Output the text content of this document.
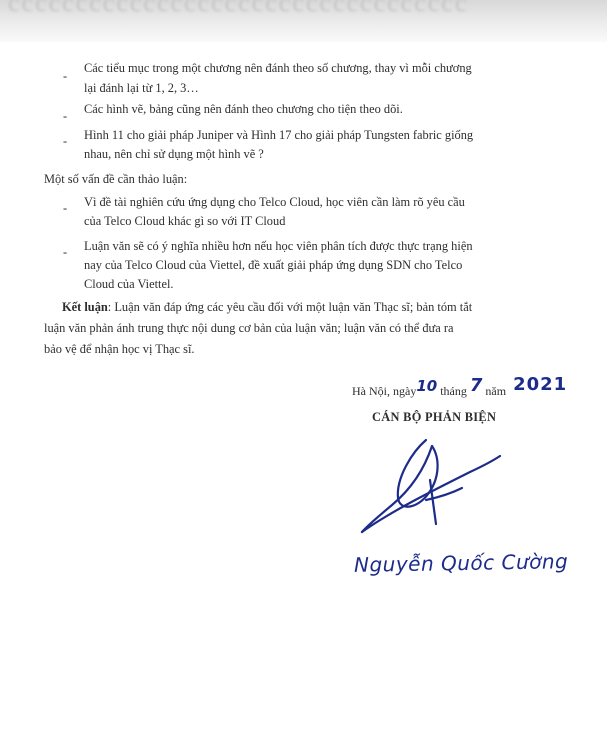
cccccccccccccccccccccccccccccccccc
-
Các tiểu mục trong một chương nên đánh theo số chương, thay vì mỗi chương
lại đánh lại từ 1, 2, 3…
- Các hình vẽ, bảng cũng nên đánh theo chương cho tiện theo dõi.
- Hình 11 cho giải pháp Juniper và Hình 17 cho giải pháp Tungsten fabric giống
nhau, nên chỉ sử dụng một hình vẽ ?
Một số vấn đề cần thảo luận:
- Vì đề tài nghiên cứu ứng dụng cho Telco Cloud, học viên cần làm rõ yêu cầu
của Telco Cloud khác gì so với IT Cloud
- Luận văn sẽ có ý nghĩa nhiều hơn nếu học viên phân tích được thực trạng hiện
nay của Telco Cloud của Viettel, đề xuất giải pháp ứng dụng SDN cho Telco
Cloud của Viettel.
Kết luận: Luận văn đáp ứng các yêu cầu đối với một luận văn Thạc sĩ; bản tóm tắt
luận văn phản ánh trung thực nội dung cơ bản của luận văn; luận văn có thể đưa ra
bảo vệ để nhận học vị Thạc sĩ.
Hà Nội, ngày 10 tháng 7 năm 2021
CÁN BỘ PHẢN BIỆN
Nguyễn Quốc Cường
